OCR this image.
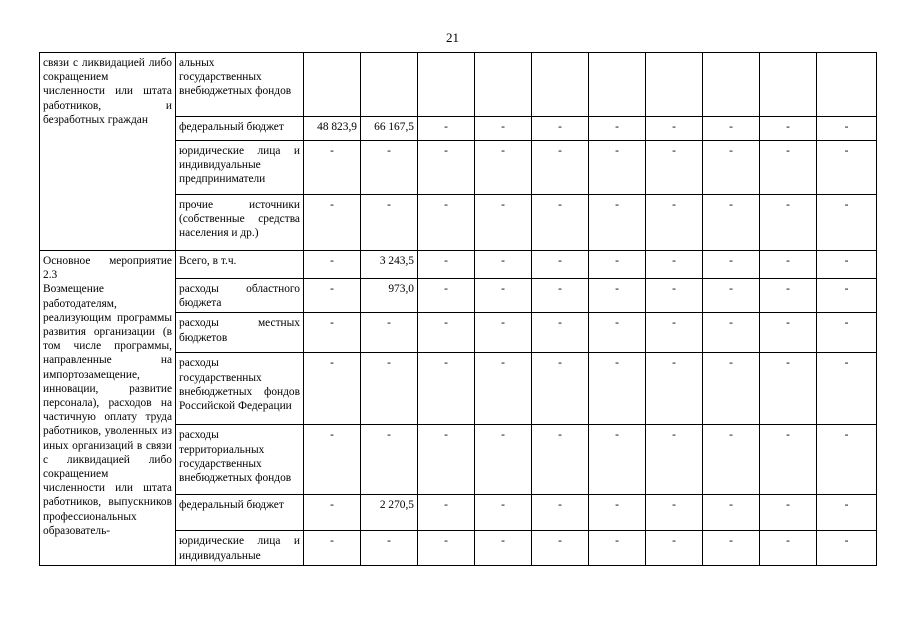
21
связи с ликвидацией либо сокращением численности или штата работников, и безработных граждан	альных государственных внебюджетных фондов										
	федеральный бюджет	48 823,9	66 167,5	-	-	-	-	-	-	-	-
	юридические лица и индивидуальные предприниматели	-	-	-	-	-	-	-	-	-	-
	прочие источники (собственные средства населения и др.)	-	-	-	-	-	-	-	-	-	-

Основное мероприятие 2.3
Возмещение работодателям, реализующим программы развития организации (в том числе программы, направленные на импортозамещение, инновации, развитие персонала), расходов на частичную оплату труда работников, уволенных из иных организаций в связи с ликвидацией либо сокращением численности или штата работников, выпускников профессиональных образователь-	Всего, в т.ч.	-	3 243,5	-	-	-	-	-	-	-	-
	расходы областного бюджета	-	973,0	-	-	-	-	-	-	-	-
	расходы местных бюджетов	-	-	-	-	-	-	-	-	-	-
	расходы государственных внебюджетных фондов Российской Федерации	-	-	-	-	-	-	-	-	-	-
	расходы территориальных государственных внебюджетных фондов	-	-	-	-	-	-	-	-	-	-
	федеральный бюджет	-	2 270,5	-	-	-	-	-	-	-	-
	юридические лица и индивидуальные	-	-	-	-	-	-	-	-	-	-
